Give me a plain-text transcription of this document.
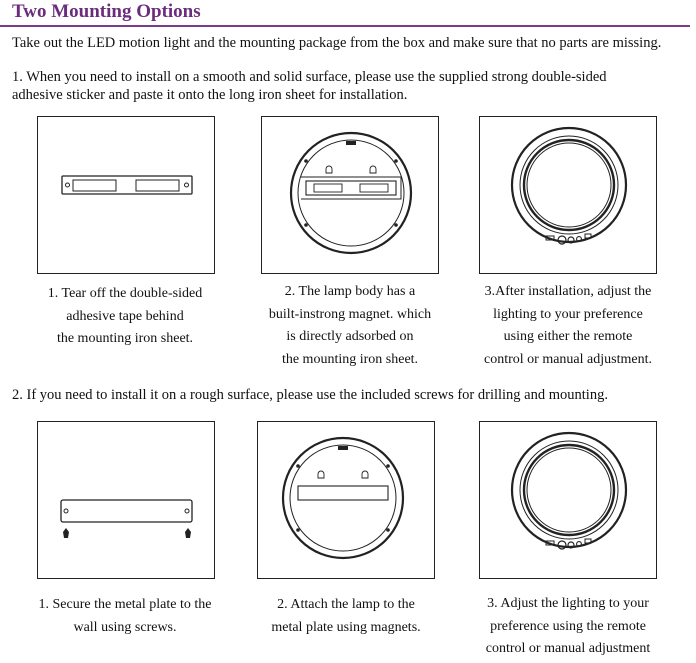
Two Mounting Options
Take out the LED motion light and the mounting package from the box and make sure that no parts are missing.
1. When you need to install on a smooth and solid surface, please use the supplied strong double-sided
adhesive sticker and paste it onto the long iron sheet for installation.
1. Tear off the double-sided
adhesive tape behind
the mounting iron sheet.
2. The lamp body has a
built-instrong magnet. which
is directly adsorbed on
the mounting iron sheet.
3.After installation, adjust the
lighting to your preference
using either the remote
control or manual adjustment.
2. If you need to install it on a rough surface, please use the included screws for drilling and mounting.
1. Secure the metal plate to the
wall using screws.
2. Attach the lamp to the
metal plate using magnets.
3. Adjust the lighting to your
preference using the remote
control or manual adjustment
